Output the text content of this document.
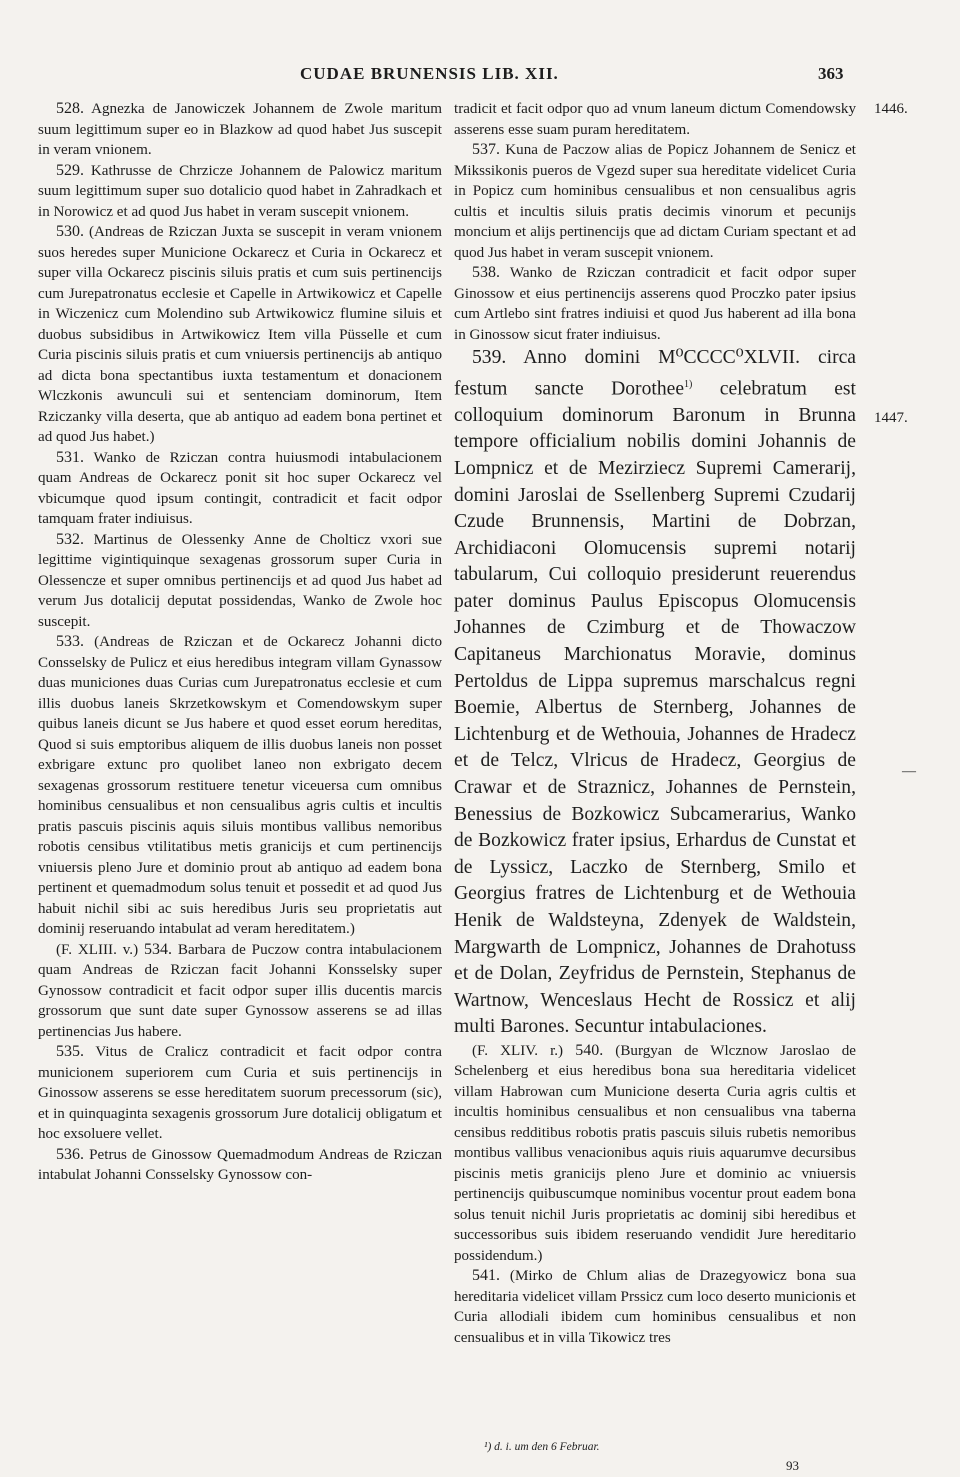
CUDAE BRUNENSIS LIB. XII.	363

528. Agnezka de Janowiczek Johannem de Zwole maritum suum legittimum super eo in Blazkow ad quod habet Jus suscepit in veram vnionem.

529. Kathrusse de Chrzicze Johannem de Palowicz maritum suum legittimum super suo dotalicio quod habet in Zahradkach et in Norowicz et ad quod Jus habet in veram suscepit vnionem.

530. (Andreas de Rziczan Juxta se suscepit in veram vnionem suos heredes super Municione Ockarecz et Curia in Ockarecz et super villa Ockarecz piscinis siluis pratis et cum suis pertinencijs cum Jurepatronatus ecclesie et Capelle in Artwikowicz et Capelle in Wiczenicz cum Molendino sub Artwikowicz flumine siluis et duobus subsidibus in Artwikowicz Item villa Püsselle et cum Curia piscinis siluis pratis et cum vniuersis pertinencijs ab antiquo ad dicta bona spectantibus iuxta testamentum et donacionem Wlczkonis awunculi sui et sentenciam dominorum, Item Rziczanky villa deserta, que ab antiquo ad eadem bona pertinet et ad quod Jus habet.)

531. Wanko de Rziczan contra huiusmodi intabulacionem quam Andreas de Ockarecz ponit sit hoc super Ockarecz vel vbicumque quod ipsum contingit, contradicit et facit odpor tamquam frater indiuisus.

532. Martinus de Olessenky Anne de Cholticz vxori sue legittime vigintiquinque sexagenas grossorum super Curia in Olessencze et super omnibus pertinencijs et ad quod Jus habet ad verum Jus dotalicij deputat possidendas, Wanko de Zwole hoc suscepit.

533. (Andreas de Rziczan et de Ockarecz Johanni dicto Consselsky de Pulicz et eius heredibus integram villam Gynassow duas municiones duas Curias cum Jurepatronatus ecclesie et cum illis duobus laneis Skrzetkowskym et Comendowskym super quibus laneis dicunt se Jus habere et quod esset eorum hereditas, Quod si suis emptoribus aliquem de illis duobus laneis non posset exbrigare extunc pro quolibet laneo non exbrigato decem sexagenas grossorum restituere tenetur viceuersa cum omnibus hominibus censualibus et non censualibus agris cultis et incultis pratis pascuis piscinis aquis siluis montibus vallibus nemoribus robotis censibus vtilitatibus metis granicijs et cum pertinencijs vniuersis pleno Jure et dominio prout ab antiquo ad eadem bona pertinent et quemadmodum solus tenuit et possedit et ad quod Jus habuit nichil sibi ac suis heredibus Juris seu proprietatis aut dominij reseruando intabulat ad veram hereditatem.)

(F. XLIII. v.) 534. Barbara de Puczow contra intabulacionem quam Andreas de Rziczan facit Johanni Konsselsky super Gynossow contradicit et facit odpor super illis ducentis marcis grossorum que sunt date super Gynossow asserens se ad illas pertinencias Jus habere.

535. Vitus de Cralicz contradicit et facit odpor contra municionem superiorem cum Curia et suis pertinencijs in Ginossow asserens se esse hereditatem suorum precessorum (sic), et in quinquaginta sexagenis grossorum Jure dotalicij obligatum et hoc exsoluere vellet.

536. Petrus de Ginossow Quemadmodum Andreas de Rziczan intabulat Johanni Consselsky Gynossow con-

tradicit et facit odpor quo ad vnum laneum dictum Comendowsky asserens esse suam puram hereditatem.

537. Kuna de Paczow alias de Popicz Johannem de Senicz et Mikssikonis pueros de Vgezd super sua hereditate videlicet Curia in Popicz cum hominibus censualibus et non censualibus agris cultis et incultis siluis pratis decimis vinorum et pecunijs moncium et alijs pertinencijs que ad dictam Curiam spectant et ad quod Jus habet in veram suscepit vnionem.

538. Wanko de Rziczan contradicit et facit odpor super Ginossow et eius pertinencijs asserens quod Proczko pater ipsius cum Artlebo sint fratres indiuisi et quod Jus haberent ad illa bona in Ginossow sicut frater indiuisus.

539. Anno domini M⁰CCCC⁰XLVII. circa festum sancte Dorothee$^{1)}$ celebratum est colloquium dominorum Baronum in Brunna tempore officialium nobilis domini Johannis de Lompnicz et de Mezirziecz Supremi Camerarij, domini Jaroslai de Ssellenberg Supremi Czudarij Czude Brunnensis, Martini de Dobrzan, Archidiaconi Olomucensis supremi notarij tabularum, Cui colloquio presiderunt reuerendus pater dominus Paulus Episcopus Olomucensis Johannes de Czimburg et de Thowaczow Capitaneus Marchionatus Moravie, dominus Pertoldus de Lippa supremus marschalcus regni Boemie, Albertus de Sternberg, Johannes de Lichtenburg et de Wethouia, Johannes de Hradecz et de Telcz, Vlricus de Hradecz, Georgius de Crawar et de Straznicz, Johannes de Pernstein, Benessius de Bozkowicz Subcamerarius, Wanko de Bozkowicz frater ipsius, Erhardus de Cunstat et de Lyssicz, Laczko de Sternberg, Smilo et Georgius fratres de Lichtenburg et de Wethouia Henik de Waldsteyna, Zdenyek de Waldstein, Margwarth de Lompnicz, Johannes de Drahotuss et de Dolan, Zeyfridus de Pernstein, Stephanus de Wartnow, Wenceslaus Hecht de Rossicz et alij multi Barones. Secuntur intabulaciones.

(F. XLIV. r.) 540. (Burgyan de Wlcznow Jaroslao de Schelenberg et eius heredibus bona sua hereditaria videlicet villam Habrowan cum Municione deserta Curia agris cultis et incultis hominibus censualibus et non censualibus vna taberna censibus redditibus robotis pratis pascuis siluis rubetis nemoribus montibus vallibus venacionibus aquis riuis aquarumve decursibus piscinis metis granicijs pleno Jure et dominio ac vniuersis pertinencijs quibuscumque nominibus vocentur prout eadem bona solus tenuit nichil Juris proprietatis ac dominij sibi heredibus et successoribus suis ibidem reseruando vendidit Jure hereditario possidendum.)

541. (Mirko de Chlum alias de Drazegyowicz bona sua hereditaria videlicet villam Prssicz cum loco deserto municionis et Curia allodiali ibidem cum hominibus censualibus et non censualibus et in villa Tikowicz tres

1446.
1447.
—
¹) d. i. um den 6 Februar.
93
